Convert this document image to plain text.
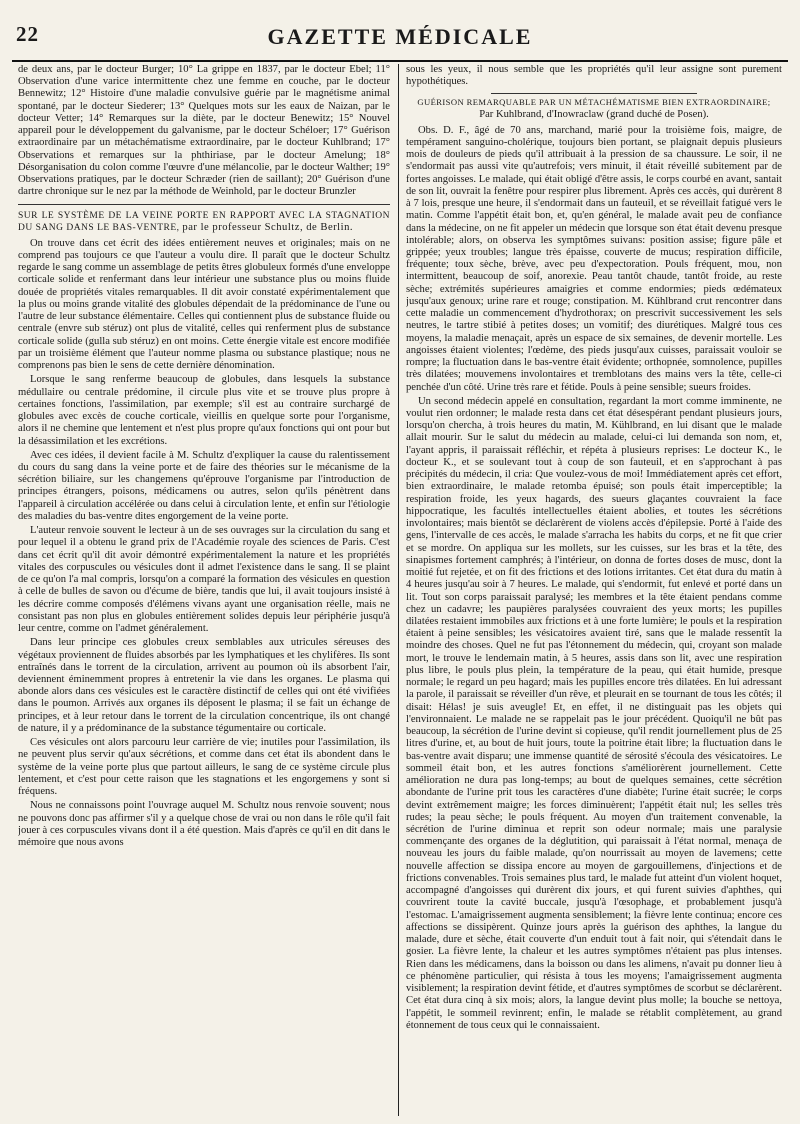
22	GAZETTE MÉDICALE

de deux ans, par le docteur Burger; 10° La grippe en 1837, par le docteur Ebel; 11° Observation d'une varice intermittente chez une femme en couche, par le docteur Bennewitz; 12° Histoire d'une maladie convulsive guérie par le magnétisme animal spontané, par le docteur Siederer; 13° Quelques mots sur les eaux de Naizan, par le docteur Vetter; 14° Remarques sur la diète, par le docteur Benewitz; 15° Nouvel appareil pour le développement du galvanisme, par le docteur Schéloer; 17° Guérison extraordinaire par un métachématisme extraordinaire, par le docteur Kuhlbrand; 17° Observations et remarques sur la phthiriase, par le docteur Amelung; 18° Désorganisation du colon comme l'œuvre d'une mélancolie, par le docteur Walther; 19° Observations pratiques, par le docteur Schræder (rien de saillant); 20° Guérison d'une dartre chronique sur le nez par la méthode de Weinhold, par le docteur Brunzler

SUR LE SYSTÈME DE LA VEINE PORTE EN RAPPORT AVEC LA STAGNATION DU SANG DANS LE BAS-VENTRE, par le professeur Schultz, de Berlin.

On trouve dans cet écrit des idées entièrement neuves et originales; mais on ne comprend pas toujours ce que l'auteur a voulu dire. Il paraît que le docteur Schultz regarde le sang comme un assemblage de petits êtres globuleux formés d'une enveloppe corticale solide et renfermant dans leur intérieur une substance plus ou moins fluide douée de propriétés vitales remarquables. Il dit avoir constaté expérimentalement que la plus ou moins grande vitalité des globules dépendait de la prédominance de l'une ou l'autre de leur substance élémentaire. Celles qui contiennent plus de substance fluide ou centrale (envre sub stéruz) ont plus de vitalité, celles qui renferment plus de substance corticale solide (gulla sub stéruz) en ont moins. Cette énergie vitale est encore modifiée par un troisième élément que l'auteur nomme plasma ou substance plastique; nous ne comprenons pas bien le sens de cette dernière dénomination.

Lorsque le sang renferme beaucoup de globules, dans lesquels la substance médullaire ou centrale prédomine, il circule plus vite et se trouve plus propre à certaines fonctions, l'assimilation, par exemple; s'il est au contraire surchargé de globules avec excès de couche corticale, vieillis en quelque sorte pour l'organisme, alors il ne chemine que lentement et n'est plus propre qu'aux fonctions qui ont pour but la désassimilation et les excrétions.

Avec ces idées, il devient facile à M. Schultz d'expliquer la cause du ralentissement du cours du sang dans la veine porte et de faire des théories sur le mécanisme de la sécrétion biliaire, sur les changemens qu'éprouve l'organisme par l'introduction de principes étrangers, poisons, médicamens ou autres, selon qu'ils pénètrent dans l'appareil à circulation accélérée ou dans celui à circulation lente, et enfin sur l'étiologie des maladies du bas-ventre dites engorgement de la veine porte.

L'auteur renvoie souvent le lecteur à un de ses ouvrages sur la circulation du sang et pour lequel il a obtenu le grand prix de l'Académie royale des sciences de Paris. C'est dans cet écrit qu'il dit avoir démontré expérimentalement la nature et les propriétés vitales des corpuscules ou vésicules dont il admet l'existence dans le sang. Il se plaint de ce qu'on l'a mal compris, lorsqu'on a comparé la formation des vésicules en question à celle de bulles de savon ou d'écume de bière, tandis que lui, il avait toujours insisté à les décrire comme composés d'élémens vivans ayant une organisation réelle, mais ne consistant pas non plus en globules entièrement solides depuis leur périphérie jusqu'à leur centre, comme on l'admet généralement.

Dans leur principe ces globules creux semblables aux utricules séreuses des végétaux proviennent de fluides absorbés par les lymphatiques et les chylifères. Ils sont entraînés dans le torrent de la circulation, arrivent au poumon où ils absorbent l'air, deviennent éminemment propres à entretenir la vie dans les organes. Le plasma qui abonde alors dans ces vésicules est le caractère distinctif de celles qui ont été vivifiées dans le poumon. Arrivés aux organes ils déposent le plasma; il se fait un échange de principes, et à leur retour dans le torrent de la circulation concentrique, ils ont changé de nature, il y a prédominance de la substance tégumentaire ou corticale.

Ces vésicules ont alors parcouru leur carrière de vie; inutiles pour l'assimilation, ils ne peuvent plus servir qu'aux sécrétions, et comme dans cet état ils abondent dans le système de la veine porte plus que partout ailleurs, le sang de ce système circule plus lentement, et c'est pour cette raison que les stagnations et les engorgemens y sont si fréquens.

Nous ne connaissons point l'ouvrage auquel M. Schultz nous renvoie souvent; nous ne pouvons donc pas affirmer s'il y a quelque chose de vrai ou non dans le rôle qu'il fait jouer à ces corpuscules vivans dont il a été question. Mais d'après ce qu'il en dit dans le mémoire que nous avons

sous les yeux, il nous semble que les propriétés qu'il leur assigne sont purement hypothétiques.

GUÉRISON REMARQUABLE PAR UN MÉTACHÉMATISME BIEN EXTRAORDINAIRE;
Par Kuhlbrand, d'Inowraclaw (grand duché de Posen).

Obs. D. F., âgé de 70 ans, marchand, marié pour la troisième fois, maigre, de tempérament sanguino-cholérique, toujours bien portant, se plaignait depuis plusieurs mois de douleurs de pieds qu'il attribuait à la pression de sa chaussure. Le soir, il ne s'endormait pas aussi vite qu'autrefois; vers minuit, il était réveillé subitement par de fortes angoisses. Le malade, qui était obligé d'être assis, le corps courbé en avant, santait de son lit, ouvrait la fenêtre pour respirer plus librement. Après ces accès, qui durèrent 8 à 7 lois, presque une heure, il s'endormait dans un fauteuil, et se réveillait fatigué vers le matin. Comme l'appétit était bon, et, qu'en général, le malade avait peu de confiance dans la médecine, on ne fit appeler un médecin que lorsque son état était devenu presque intolérable; alors, on observa les symptômes suivans: position assise; figure pâle et grippée; yeux troubles; langue très épaisse, couverte de mucus; respiration difficile, fréquente; toux sèche, brève, avec peu d'expectoration. Pouls fréquent, mou, non intermittent, beaucoup de soif, anorexie. Peau tantôt chaude, tantôt froide, au reste sèche; extrémités supérieures amaigries et comme endormies; pieds œdémateux jusqu'aux genoux; urine rare et rouge; constipation. M. Kühlbrand crut rencontrer dans cette maladie un commencement d'hydrothorax; on prescrivit successivement les sels neutres, le tartre stibié à petites doses; un vomitif; des diurétiques. Malgré tous ces moyens, la maladie menaçait, après un espace de six semaines, de devenir mortelle. Les angoisses étaient violentes; l'œdème, des pieds jusqu'aux cuisses, paraissait vouloir se rompre; la fluctuation dans le bas-ventre était évidente; orthopnée, somnolence, pupilles très dilatées; mouvemens involontaires et tremblotans des mains vers la tête, celle-ci penchée d'un côté. Urine très rare et fétide. Pouls à peine sensible; sueurs froides.

Un second médecin appelé en consultation, regardant la mort comme imminente, ne voulut rien ordonner; le malade resta dans cet état désespérant pendant plusieurs jours, lorsqu'on chercha, à trois heures du matin, M. Kühlbrand, en lui disant que le malade allait mourir. Sur le salut du médecin au malade, celui-ci lui demanda son nom, et, l'ayant appris, il paraissait réfléchir, et répéta à plusieurs reprises: Le docteur K., le docteur K., et se soulevant tout à coup de son fauteuil, et en s'approchant à pas précipités du médecin, il cria: Que voulez-vous de moi! Immédiatement après cet effort, bien extraordinaire, le malade retomba épuisé; son pouls était imperceptible; la respiration froide, les yeux hagards, des sueurs glaçantes couvraient la face hippocratique, les facultés intellectuelles étaient abolies, et toutes les sécrétions involontaires; mais bientôt se déclarèrent de violens accès d'épilepsie. Porté à l'aide des gens, l'intervalle de ces accès, le malade s'arracha les habits du corps, et ne fit que crier et se mordre. On appliqua sur les mollets, sur les cuisses, sur les bras et la tête, des sinapismes fortement camphrés; à l'intérieur, on donna de fortes doses de musc, dont la moitié fut rejetée, et on fit des frictions et des lotions irritantes. Cet état dura du matin à 4 heures jusqu'au soir à 7 heures. Le malade, qui s'endormit, fut enlevé et porté dans un lit. Tout son corps paraissait paralysé; les membres et la tête étaient pendans comme chez un cadavre; les paupières paralysées couvraient des yeux morts; les pupilles dilatées restaient immobiles aux frictions et à une forte lumière; le pouls et la respiration étaient à peine sensibles; les vésicatoires avaient tiré, sans que le malade ressentît la moindre des choses. Quel ne fut pas l'étonnement du médecin, qui, croyant son malade mort, le trouve le lendemain matin, à 5 heures, assis dans son lit, avec une respiration plus libre, le pouls plus plein, la température de la peau, qui était humide, presque normale; le regard un peu hagard; mais les pupilles encore très dilatées. En lui adressant la parole, il paraissait se réveiller d'un rêve, et pleurait en se tournant de tous les côtés; il disait: Hélas! je suis aveugle! Et, en effet, il ne distinguait pas les objets qui l'environnaient. Le malade ne se rappelait pas le jour précédent. Quoiqu'il ne bût pas beaucoup, la sécrétion de l'urine devint si copieuse, qu'il rendit journellement plus de 25 litres d'urine, et, au bout de huit jours, toute la poitrine était libre; la fluctuation dans le bas-ventre avait disparu; une immense quantité de sérosité s'écoula des vésicatoires. Le sommeil était bon, et les autres fonctions s'améliorèrent journellement. Cette amélioration ne dura pas long-temps; au bout de quelques semaines, cette sécrétion abondante de l'urine prit tous les caractères d'une diabète; l'urine était sucrée; le corps devint extrêmement maigre; les forces diminuèrent; l'appétit était nul; les selles très rudes; la peau sèche; le pouls fréquent. Au moyen d'un traitement convenable, la sécrétion de l'urine diminua et reprit son odeur normale; mais une paralysie commençante des organes de la déglutition, qui paraissait à l'état normal, menaça de nouveau les jours du faible malade, qu'on nourrissait au moyen de lavemens; cette nouvelle affection se dissipa encore au moyen de gargouillemens, d'injections et de frictions convenables. Trois semaines plus tard, le malade fut atteint d'un violent hoquet, accompagné d'angoisses qui durèrent dix jours, et qui furent suivies d'aphthes, qui couvrirent toute la cavité buccale, jusqu'à l'œsophage, et probablement jusqu'à l'estomac. L'amaigrissement augmenta sensiblement; la fièvre lente continua; encore ces affections se dissipèrent. Quinze jours après la guérison des aphthes, la langue du malade, dure et sèche, était couverte d'un enduit tout à fait noir, qui s'étendait dans le gosier. La fièvre lente, la chaleur et les autres symptômes n'étaient pas plus intenses. Rien dans les médicamens, dans la boisson ou dans les alimens, n'avait pu donner lieu à ce phénomène particulier, qui résista à tous les moyens; l'amaigrissement augmenta visiblement; la respiration devint fétide, et d'autres symptômes de scorbut se déclarèrent. Cet état dura cinq à six mois; alors, la langue devint plus molle; la bouche se nettoya, l'appétit, le sommeil revinrent; enfin, le malade se rétablit complètement, au grand étonnement de tous ceux qui le connaissaient.
